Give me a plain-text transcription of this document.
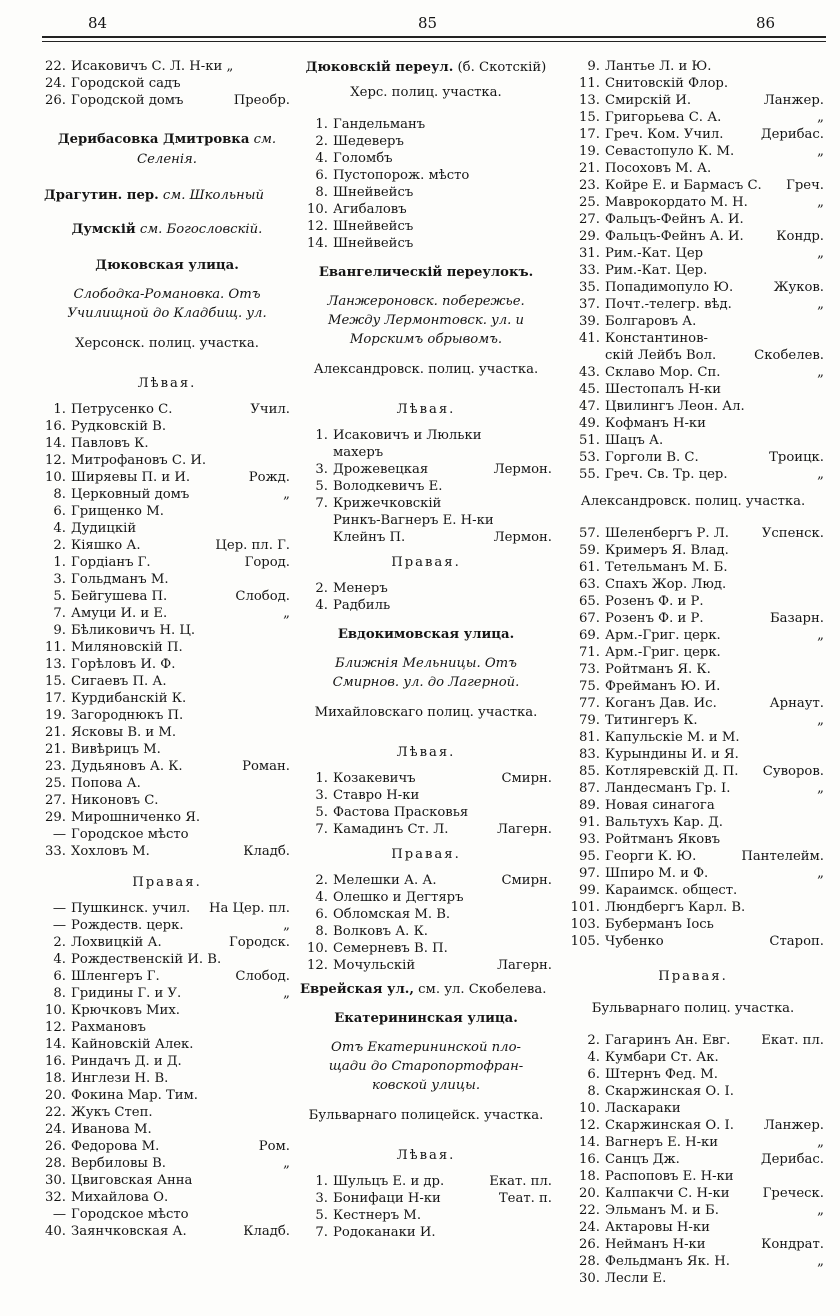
84	85	86
22. Исаковичъ С. Л. Н-ки „
24. Городской садъ
26. Городской домъ	Преобр.
Дерибасовка Дмитровка см. Селенія.
Драгутин. пер. см. Школьный
Думскій см. Богословскій.
Дюковская улица.
Слободка-Романовка. Отъ
Училищной до Кладбищ. ул.
Херсонск. полиц. участка.
Лѣвая.
1. Петрусенко С.	Учил.
16. Рудковскій В.
14. Павловъ К.
12. Митрофановъ С. И.
10. Ширяевы П. и И.	Рожд.
8. Церковный домъ	„
6. Грищенко М.
4. Дудицкій
2. Кіяшко А.	Цер. пл. Г.
1. Гордіанъ Г.	Город.
3. Гольдманъ М.
5. Бейгушева П.	Слобод.
7. Амуци И. и Е.	„
9. Бѣликовичъ Н. Ц.
11. Миляновскій П.
13. Горѣловъ И. Ф.
15. Сигаевъ П. А.
17. Курдибанскій К.
19. Загороднюкъ П.
21. Ясковы В. и М.
21. Вивѣрицъ М.
23. Дудьяновъ А. К.	Роман.
25. Попова А.
27. Никоновъ С.
29. Мирошниченко Я.
— Городское мѣсто
33. Хохловъ М.	Кладб.
Правая.
— Пушкинск. учил.	На Цер. пл.
— Рождеств. церк.	„
2. Лохвицкій А.	Городск.
4. Рождественскій И. В.
6. Шленгеръ Г.	Слобод.
8. Гридины Г. и У.	„
10. Крючковъ Мих.
12. Рахмановъ
14. Кайновскій Алек.
16. Риндачъ Д. и Д.
18. Инглези Н. В.
20. Фокина Мар. Тим.
22. Жукъ Степ.
24. Иванова М.
26. Федорова М.	Ром.
28. Вербиловы В.	„
30. Цвиговская Анна
32. Михайлова О.
— Городское мѣсто
40. Заянчковская А.	Кладб.
Дюковскій переул. (б. Скотскій)
Херс. полиц. участка.
1. Гандельманъ
2. Шедеверъ
4. Голомбъ
6. Пустопорож. мѣсто
8. Шнейвейсъ
10. Агибаловъ
12. Шнейвейсъ
14. Шнейвейсъ
Евангелическій переулокъ.
Ланжероновск. побережье.
Между Лермонтовск. ул. и
Морскимъ обрывомъ.
Александровск. полиц. участка.
Лѣвая.
1. Исаковичъ и Люльки
махеръ
3. Дрожевецкая	Лермон.
5. Володкевичъ Е.
7. Крижечковскій
Ринкъ-Вагнеръ Е. Н-ки
Клейнъ П.	Лермон.
Правая.
2. Менеръ
4. Радбиль
Евдокимовская улица.
Ближнія Мельницы. Отъ
Смирнов. ул. до Лагерной.
Михайловскаго полиц. участка.
Лѣвая.
1. Козакевичъ	Смирн.
3. Ставро Н-ки
5. Фастова Прасковья
7. Камадинъ Ст. Л.	Лагерн.
Правая.
2. Мелешки А. А.	Смирн.
4. Олешко и Дегтяръ
6. Обломская М. В.
8. Волковъ А. К.
10. Семерневъ В. П.
12. Мочульскій	Лагерн.
Еврейская ул., см. ул. Скобелева.
Екатерининская улица.
Отъ Екатерининской пло-
щади до Старопортофран-
ковской улицы.
Бульварнаго полицейск. участка.
Лѣвая.
1. Шульцъ Е. и др.	Екат. пл.
3. Бонифаци Н-ки	Теат. п.
5. Кестнеръ М.
7. Родоканаки И.
9. Лантье Л. и Ю.
11. Снитовскій Флор.
13. Смирскій И.	Ланжер.
15. Григорьева С. А.	„
17. Греч. Ком. Учил.	Дерибас.
19. Севастопуло К. М.	„
21. Посоховъ М. А.
23. Койре Е. и Бармасъ С.	Греч.
25. Маврокордато М. Н.	„
27. Фальцъ-Фейнъ А. И.
29. Фальцъ-Фейнъ А. И.	Кондр.
31. Рим.-Кат. Цер	„
33. Рим.-Кат. Цер.
35. Попадимопуло Ю.	Жуков.
37. Почт.-телегр. вѣд.	„
39. Болгаровъ А.
41. Константинов-
скій Лейбъ Вол.	Скобелев.
43. Склаво Мор. Сп.	„
45. Шестопалъ Н-ки
47. Цвилингъ Леон. Ал.
49. Кофманъ Н-ки
51. Шацъ А.
53. Горголи В. С.	Троицк.
55. Греч. Св. Тр. цер.	„
Александровск. полиц. участка.
57. Шеленбергъ Р. Л.	Успенск.
59. Кримеръ Я. Влад.
61. Тетельманъ М. Б.
63. Спахъ Жор. Люд.
65. Розенъ Ф. и Р.
67. Розенъ Ф. и Р.	Базарн.
69. Арм.-Григ. церк.	„
71. Арм.-Григ. церк.
73. Ройтманъ Я. К.
75. Фрейманъ Ю. И.
77. Коганъ Дав. Ис.	Арнаут.
79. Титингеръ К.	„
81. Капульскіе М. и М.
83. Курындины И. и Я.
85. Котляревскій Д. П.	Суворов.
87. Ландесманъ Гр. І.	„
89. Новая синагога
91. Вальтухъ Кар. Д.
93. Ройтманъ Яковъ
95. Георги К. Ю.	Пантелейм.
97. Шпиро М. и Ф.	„
99. Караимск. общест.
101. Люндбергъ Карл. В.
103. Буберманъ Іось
105. Чубенко	Староп.
Правая.
Бульварнаго полиц. участка.
2. Гагаринъ Ан. Евг.	Екат. пл.
4. Кумбари Ст. Ак.
6. Штернъ Фед. М.
8. Скаржинская О. І.
10. Ласкараки
12. Скаржинская О. І.	Ланжер.
14. Вагнеръ Е. Н-ки	„
16. Санцъ Дж.	Дерибас.
18. Распоповъ Е. Н-ки
20. Калпакчи С. Н-ки	Греческ.
22. Эльманъ М. и Б.	„
24. Актаровы Н-ки
26. Нейманъ Н-ки	Кондрат.
28. Фельдманъ Як. Н.	„
30. Лесли Е.
